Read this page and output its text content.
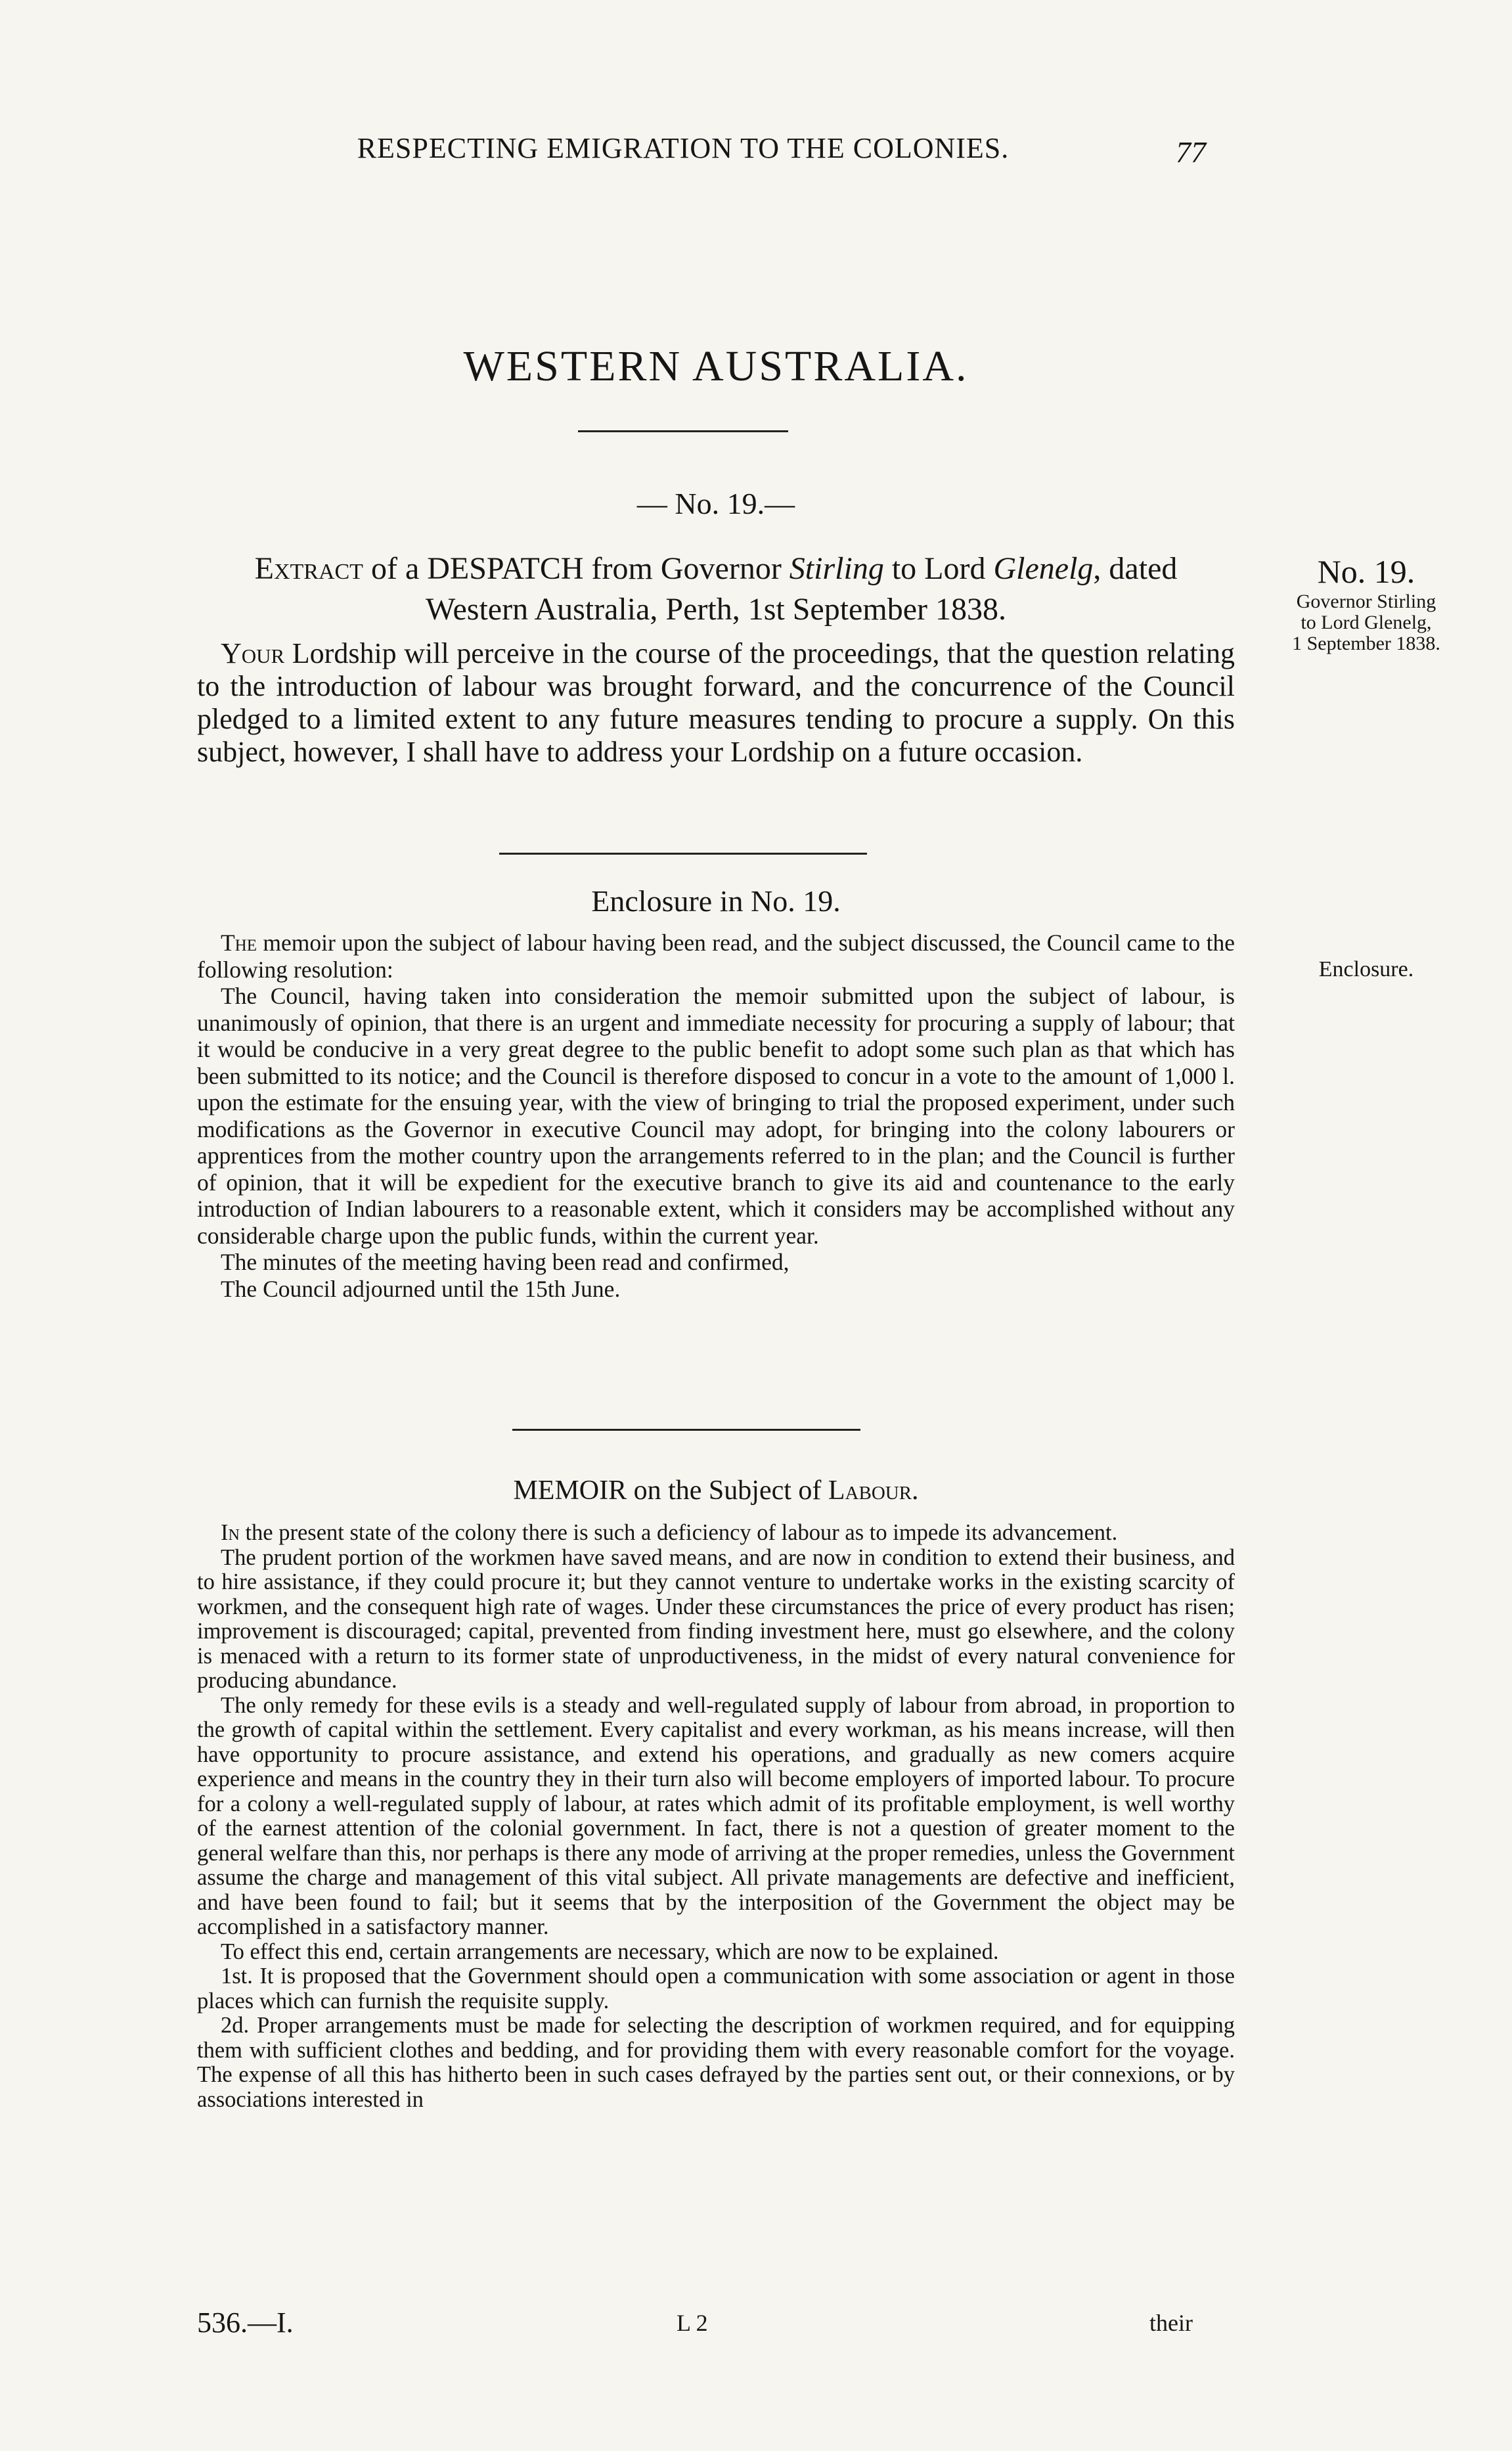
RESPECTING EMIGRATION TO THE COLONIES.	77
WESTERN AUSTRALIA.
— No. 19.—
Extract of a DESPATCH from Governor Stirling to Lord Glenelg, dated
Western Australia, Perth, 1st September 1838.
No. 19.
Governor Stirling
to Lord Glenelg,
1 September 1838.

Your Lordship will perceive in the course of the proceedings, that the question relating to the introduction of labour was brought forward, and the concurrence of the Council pledged to a limited extent to any future measures tending to procure a supply. On this subject, however, I shall have to address your Lordship on a future occasion.

Enclosure in No. 19.
Enclosure.

The memoir upon the subject of labour having been read, and the subject discussed, the Council came to the following resolution:

The Council, having taken into consideration the memoir submitted upon the subject of labour, is unanimously of opinion, that there is an urgent and immediate necessity for procuring a supply of labour; that it would be conducive in a very great degree to the public benefit to adopt some such plan as that which has been submitted to its notice; and the Council is therefore disposed to concur in a vote to the amount of 1,000 l. upon the estimate for the ensuing year, with the view of bringing to trial the proposed experiment, under such modifications as the Governor in executive Council may adopt, for bringing into the colony labourers or apprentices from the mother country upon the arrangements referred to in the plan; and the Council is further of opinion, that it will be expedient for the executive branch to give its aid and countenance to the early introduction of Indian labourers to a reasonable extent, which it considers may be accomplished without any considerable charge upon the public funds, within the current year.

The minutes of the meeting having been read and confirmed,

The Council adjourned until the 15th June.

MEMOIR on the Subject of Labour.

In the present state of the colony there is such a deficiency of labour as to impede its advancement.

The prudent portion of the workmen have saved means, and are now in condition to extend their business, and to hire assistance, if they could procure it; but they cannot venture to undertake works in the existing scarcity of workmen, and the consequent high rate of wages. Under these circumstances the price of every product has risen; improvement is discouraged; capital, prevented from finding investment here, must go elsewhere, and the colony is menaced with a return to its former state of unproductiveness, in the midst of every natural convenience for producing abundance.

The only remedy for these evils is a steady and well-regulated supply of labour from abroad, in proportion to the growth of capital within the settlement. Every capitalist and every workman, as his means increase, will then have opportunity to procure assistance, and extend his operations, and gradually as new comers acquire experience and means in the country they in their turn also will become employers of imported labour. To procure for a colony a well-regulated supply of labour, at rates which admit of its profitable employment, is well worthy of the earnest attention of the colonial government. In fact, there is not a question of greater moment to the general welfare than this, nor perhaps is there any mode of arriving at the proper remedies, unless the Government assume the charge and management of this vital subject. All private managements are defective and inefficient, and have been found to fail; but it seems that by the interposition of the Government the object may be accomplished in a satisfactory manner.

To effect this end, certain arrangements are necessary, which are now to be explained.

1st. It is proposed that the Government should open a communication with some association or agent in those places which can furnish the requisite supply.

2d. Proper arrangements must be made for selecting the description of workmen required, and for equipping them with sufficient clothes and bedding, and for providing them with every reasonable comfort for the voyage. The expense of all this has hitherto been in such cases defrayed by the parties sent out, or their connexions, or by associations interested in

536.—I.	L 2	their
